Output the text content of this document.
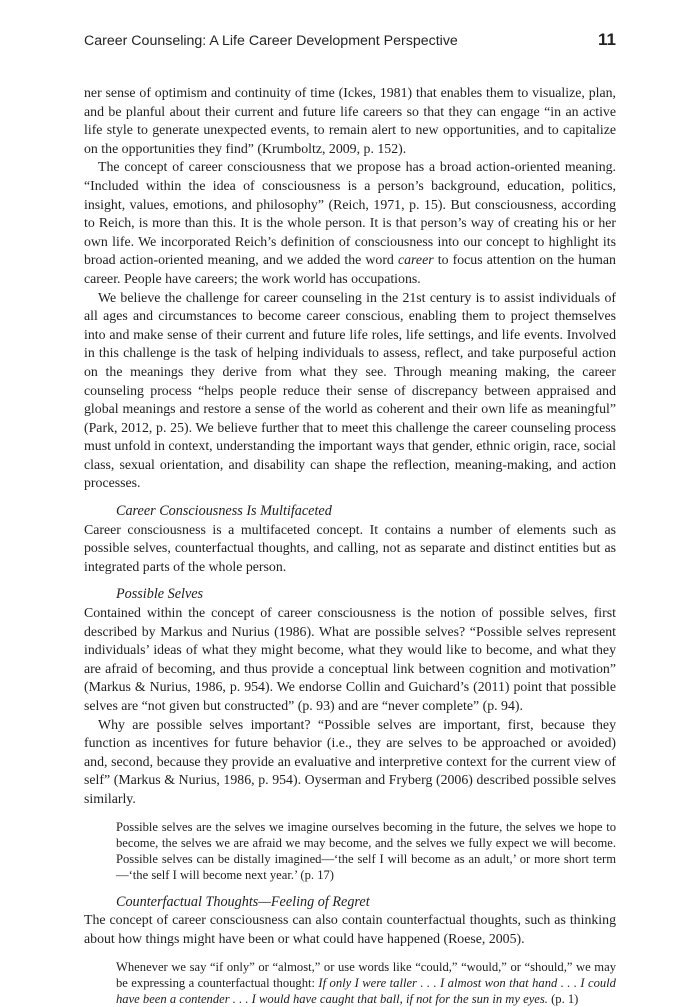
Career Counseling: A Life Career Development Perspective	11

ner sense of optimism and continuity of time (Ickes, 1981) that enables them to visualize, plan, and be planful about their current and future life careers so that they can engage “in an active life style to generate unexpected events, to remain alert to new opportunities, and to capitalize on the opportunities they find” (Krumboltz, 2009, p. 152).

The concept of career consciousness that we propose has a broad action-oriented meaning. “Included within the idea of consciousness is a person’s background, education, politics, insight, values, emotions, and philosophy” (Reich, 1971, p. 15). But consciousness, according to Reich, is more than this. It is the whole person. It is that person’s way of creating his or her own life. We incorporated Reich’s definition of consciousness into our concept to highlight its broad action-oriented meaning, and we added the word career to focus attention on the human career. People have careers; the work world has occupations.

We believe the challenge for career counseling in the 21st century is to assist individuals of all ages and circumstances to become career conscious, enabling them to project themselves into and make sense of their current and future life roles, life settings, and life events. Involved in this challenge is the task of helping individuals to assess, reflect, and take purposeful action on the meanings they derive from what they see. Through meaning making, the career counseling process “helps people reduce their sense of discrepancy between appraised and global meanings and restore a sense of the world as coherent and their own life as meaningful” (Park, 2012, p. 25). We believe further that to meet this challenge the career counseling process must unfold in context, understanding the important ways that gender, ethnic origin, race, social class, sexual orientation, and disability can shape the reflection, meaning-making, and action processes.

Career Consciousness Is Multifaceted

Career consciousness is a multifaceted concept. It contains a number of elements such as possible selves, counterfactual thoughts, and calling, not as separate and distinct entities but as integrated parts of the whole person.

Possible Selves

Contained within the concept of career consciousness is the notion of possible selves, first described by Markus and Nurius (1986). What are possible selves? “Possible selves represent individuals’ ideas of what they might become, what they would like to become, and what they are afraid of becoming, and thus provide a conceptual link between cognition and motivation” (Markus & Nurius, 1986, p. 954). We endorse Collin and Guichard’s (2011) point that possible selves are “not given but constructed” (p. 93) and are “never complete” (p. 94).

Why are possible selves important? “Possible selves are important, first, because they function as incentives for future behavior (i.e., they are selves to be approached or avoided) and, second, because they provide an evaluative and interpretive context for the current view of self” (Markus & Nurius, 1986, p. 954). Oyserman and Fryberg (2006) described possible selves similarly.

Possible selves are the selves we imagine ourselves becoming in the future, the selves we hope to become, the selves we are afraid we may become, and the selves we fully expect we will become. Possible selves can be distally imagined—‘the self I will become as an adult,’ or more short term—‘the self I will become next year.’ (p. 17)

Counterfactual Thoughts—Feeling of Regret

The concept of career consciousness can also contain counterfactual thoughts, such as thinking about how things might have been or what could have happened (Roese, 2005).

Whenever we say “if only” or “almost,” or use words like “could,” “would,” or “should,” we may be expressing a counterfactual thought: If only I were taller . . . I almost won that hand . . . I could have been a contender . . . I would have caught that ball, if not for the sun in my eyes. (p. 1)
